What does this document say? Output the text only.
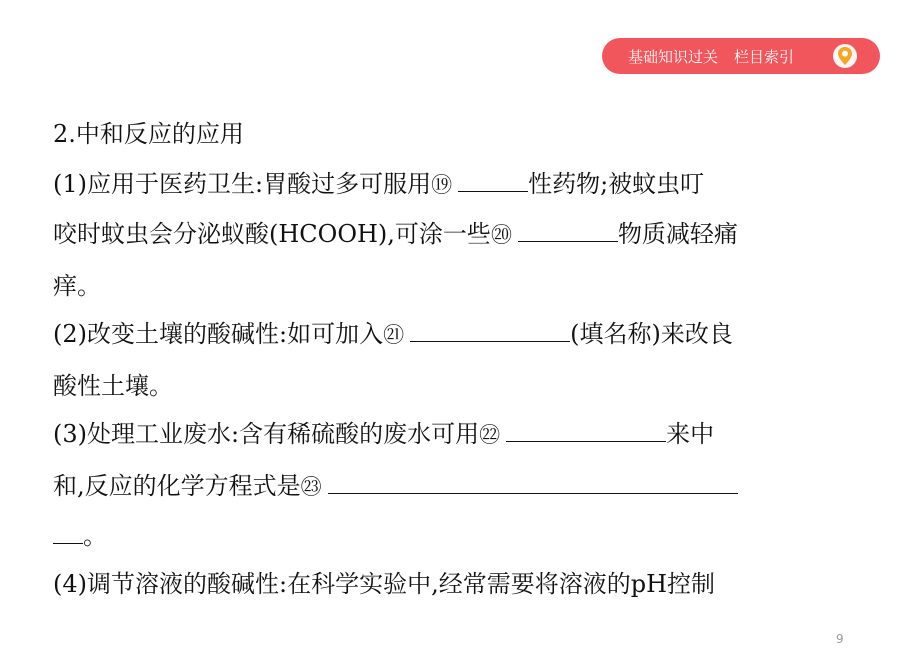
基础知识过关 栏目索引
2.中和反应的应用
(1)应用于医药卫生:胃酸过多可服用⑲	性药物;被蚊虫叮
咬时蚊虫会分泌蚁酸(HCOOH),可涂一些⑳	物质减轻痛
痒。
(2)改变土壤的酸碱性:如可加入㉑	(填名称)来改良
酸性土壤。
(3)处理工业废水:含有稀硫酸的废水可用㉒	来中
和,反应的化学方程式是㉓
。
(4)调节溶液的酸碱性:在科学实验中,经常需要将溶液的pH控制
9
